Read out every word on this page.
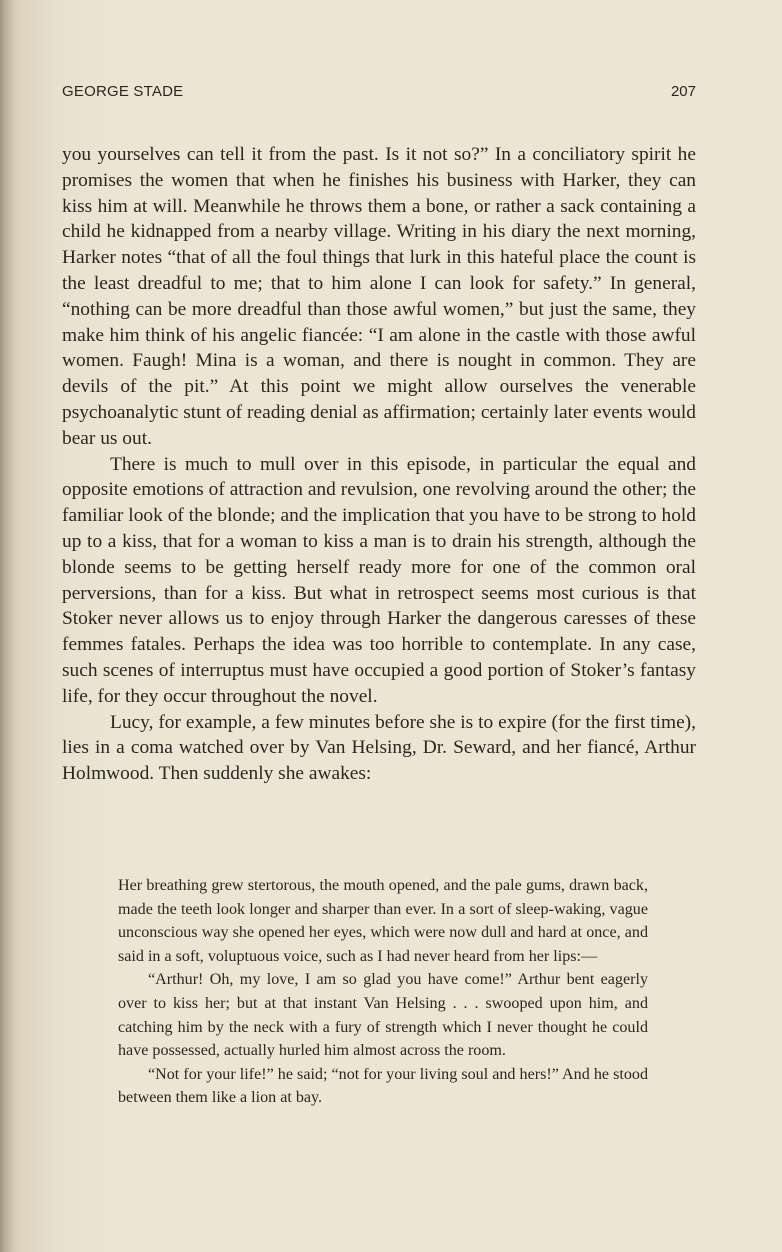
GEORGE STADE	207

you yourselves can tell it from the past. Is it not so?” In a conciliatory spirit he promises the women that when he finishes his business with Harker, they can kiss him at will. Meanwhile he throws them a bone, or rather a sack containing a child he kidnapped from a nearby village. Writing in his diary the next morning, Harker notes “that of all the foul things that lurk in this hateful place the count is the least dreadful to me; that to him alone I can look for safety.” In general, “nothing can be more dreadful than those awful women,” but just the same, they make him think of his angelic fiancée: “I am alone in the castle with those awful women. Faugh! Mina is a woman, and there is nought in common. They are devils of the pit.” At this point we might allow ourselves the venerable psychoanalytic stunt of reading denial as affirmation; certainly later events would bear us out.

There is much to mull over in this episode, in particular the equal and opposite emotions of attraction and revulsion, one revolving around the other; the familiar look of the blonde; and the implication that you have to be strong to hold up to a kiss, that for a woman to kiss a man is to drain his strength, although the blonde seems to be getting herself ready more for one of the common oral perversions, than for a kiss. But what in retrospect seems most curious is that Stoker never allows us to enjoy through Harker the dangerous caresses of these femmes fatales. Perhaps the idea was too horrible to contemplate. In any case, such scenes of interruptus must have occupied a good portion of Stoker’s fantasy life, for they occur throughout the novel.

Lucy, for example, a few minutes before she is to expire (for the first time), lies in a coma watched over by Van Helsing, Dr. Seward, and her fiancé, Arthur Holmwood. Then suddenly she awakes:

Her breathing grew stertorous, the mouth opened, and the pale gums, drawn back, made the teeth look longer and sharper than ever. In a sort of sleep-waking, vague unconscious way she opened her eyes, which were now dull and hard at once, and said in a soft, voluptuous voice, such as I had never heard from her lips:—

“Arthur! Oh, my love, I am so glad you have come!” Arthur bent eagerly over to kiss her; but at that instant Van Helsing . . . swooped upon him, and catching him by the neck with a fury of strength which I never thought he could have possessed, actually hurled him almost across the room.

“Not for your life!” he said; “not for your living soul and hers!” And he stood between them like a lion at bay.
